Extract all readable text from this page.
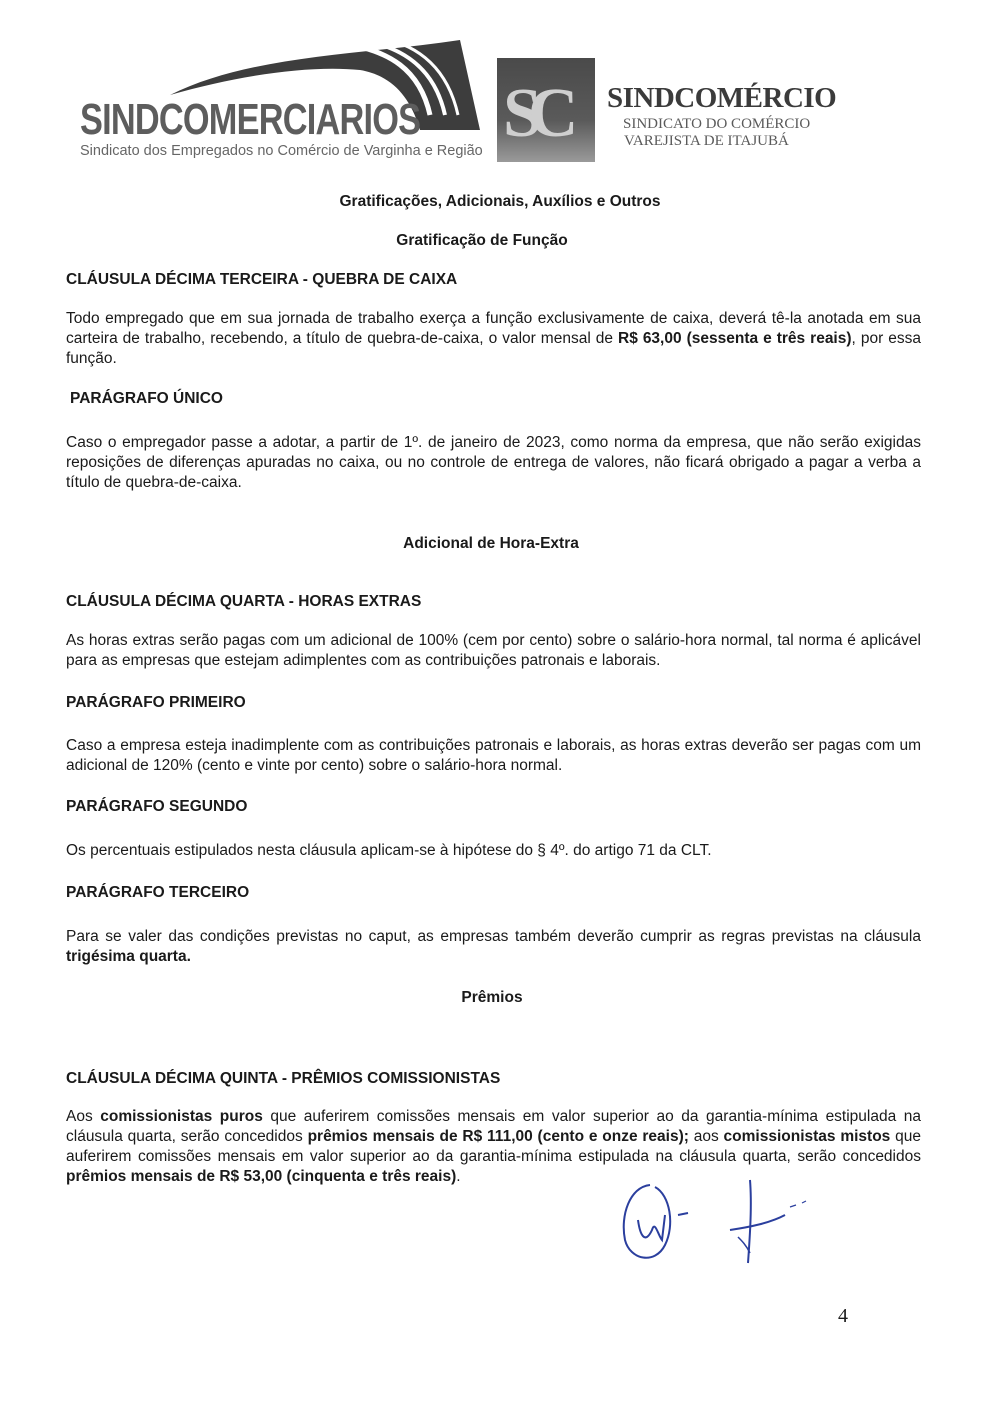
SINDCOMERCIARIOS
Sindicato dos Empregados no Comércio de Varginha e Região SC	SINDCOMÉRCIO
SINDICATO DO COMÉRCIO
VAREJISTA DE ITAJUBÁ
Gratificações, Adicionais, Auxílios e Outros
Gratificação de Função
CLÁUSULA DÉCIMA TERCEIRA - QUEBRA DE CAIXA
Todo empregado que em sua jornada de trabalho exerça a função exclusivamente de caixa, deverá tê-la anotada em sua carteira de trabalho, recebendo, a título de quebra-de-caixa, o valor mensal de R$ 63,00 (sessenta e três reais), por essa função.
PARÁGRAFO ÚNICO
Caso o empregador passe a adotar, a partir de 1º. de janeiro de 2023, como norma da empresa, que não serão exigidas reposições de diferenças apuradas no caixa, ou no controle de entrega de valores, não ficará obrigado a pagar a verba a título de quebra-de-caixa.
Adicional de Hora-Extra
CLÁUSULA DÉCIMA QUARTA - HORAS EXTRAS
As horas extras serão pagas com um adicional de 100% (cem por cento) sobre o salário-hora normal, tal norma é aplicável para as empresas que estejam adimplentes com as contribuições patronais e laborais.
PARÁGRAFO PRIMEIRO
Caso a empresa esteja inadimplente com as contribuições patronais e laborais, as horas extras deverão ser pagas com um adicional de 120% (cento e vinte por cento) sobre o salário-hora normal.
PARÁGRAFO SEGUNDO
Os percentuais estipulados nesta cláusula aplicam-se à hipótese do § 4º. do artigo 71 da CLT.
PARÁGRAFO TERCEIRO
Para se valer das condições previstas no caput, as empresas também deverão cumprir as regras previstas na cláusula trigésima quarta.
Prêmios
CLÁUSULA DÉCIMA QUINTA - PRÊMIOS COMISSIONISTAS
Aos comissionistas puros que auferirem comissões mensais em valor superior ao da garantia-mínima estipulada na cláusula quarta, serão concedidos prêmios mensais de R$ 111,00 (cento e onze reais); aos comissionistas mistos que auferirem comissões mensais em valor superior ao da garantia-mínima estipulada na cláusula quarta, serão concedidos prêmios mensais de R$ 53,00 (cinquenta e três reais).
4
